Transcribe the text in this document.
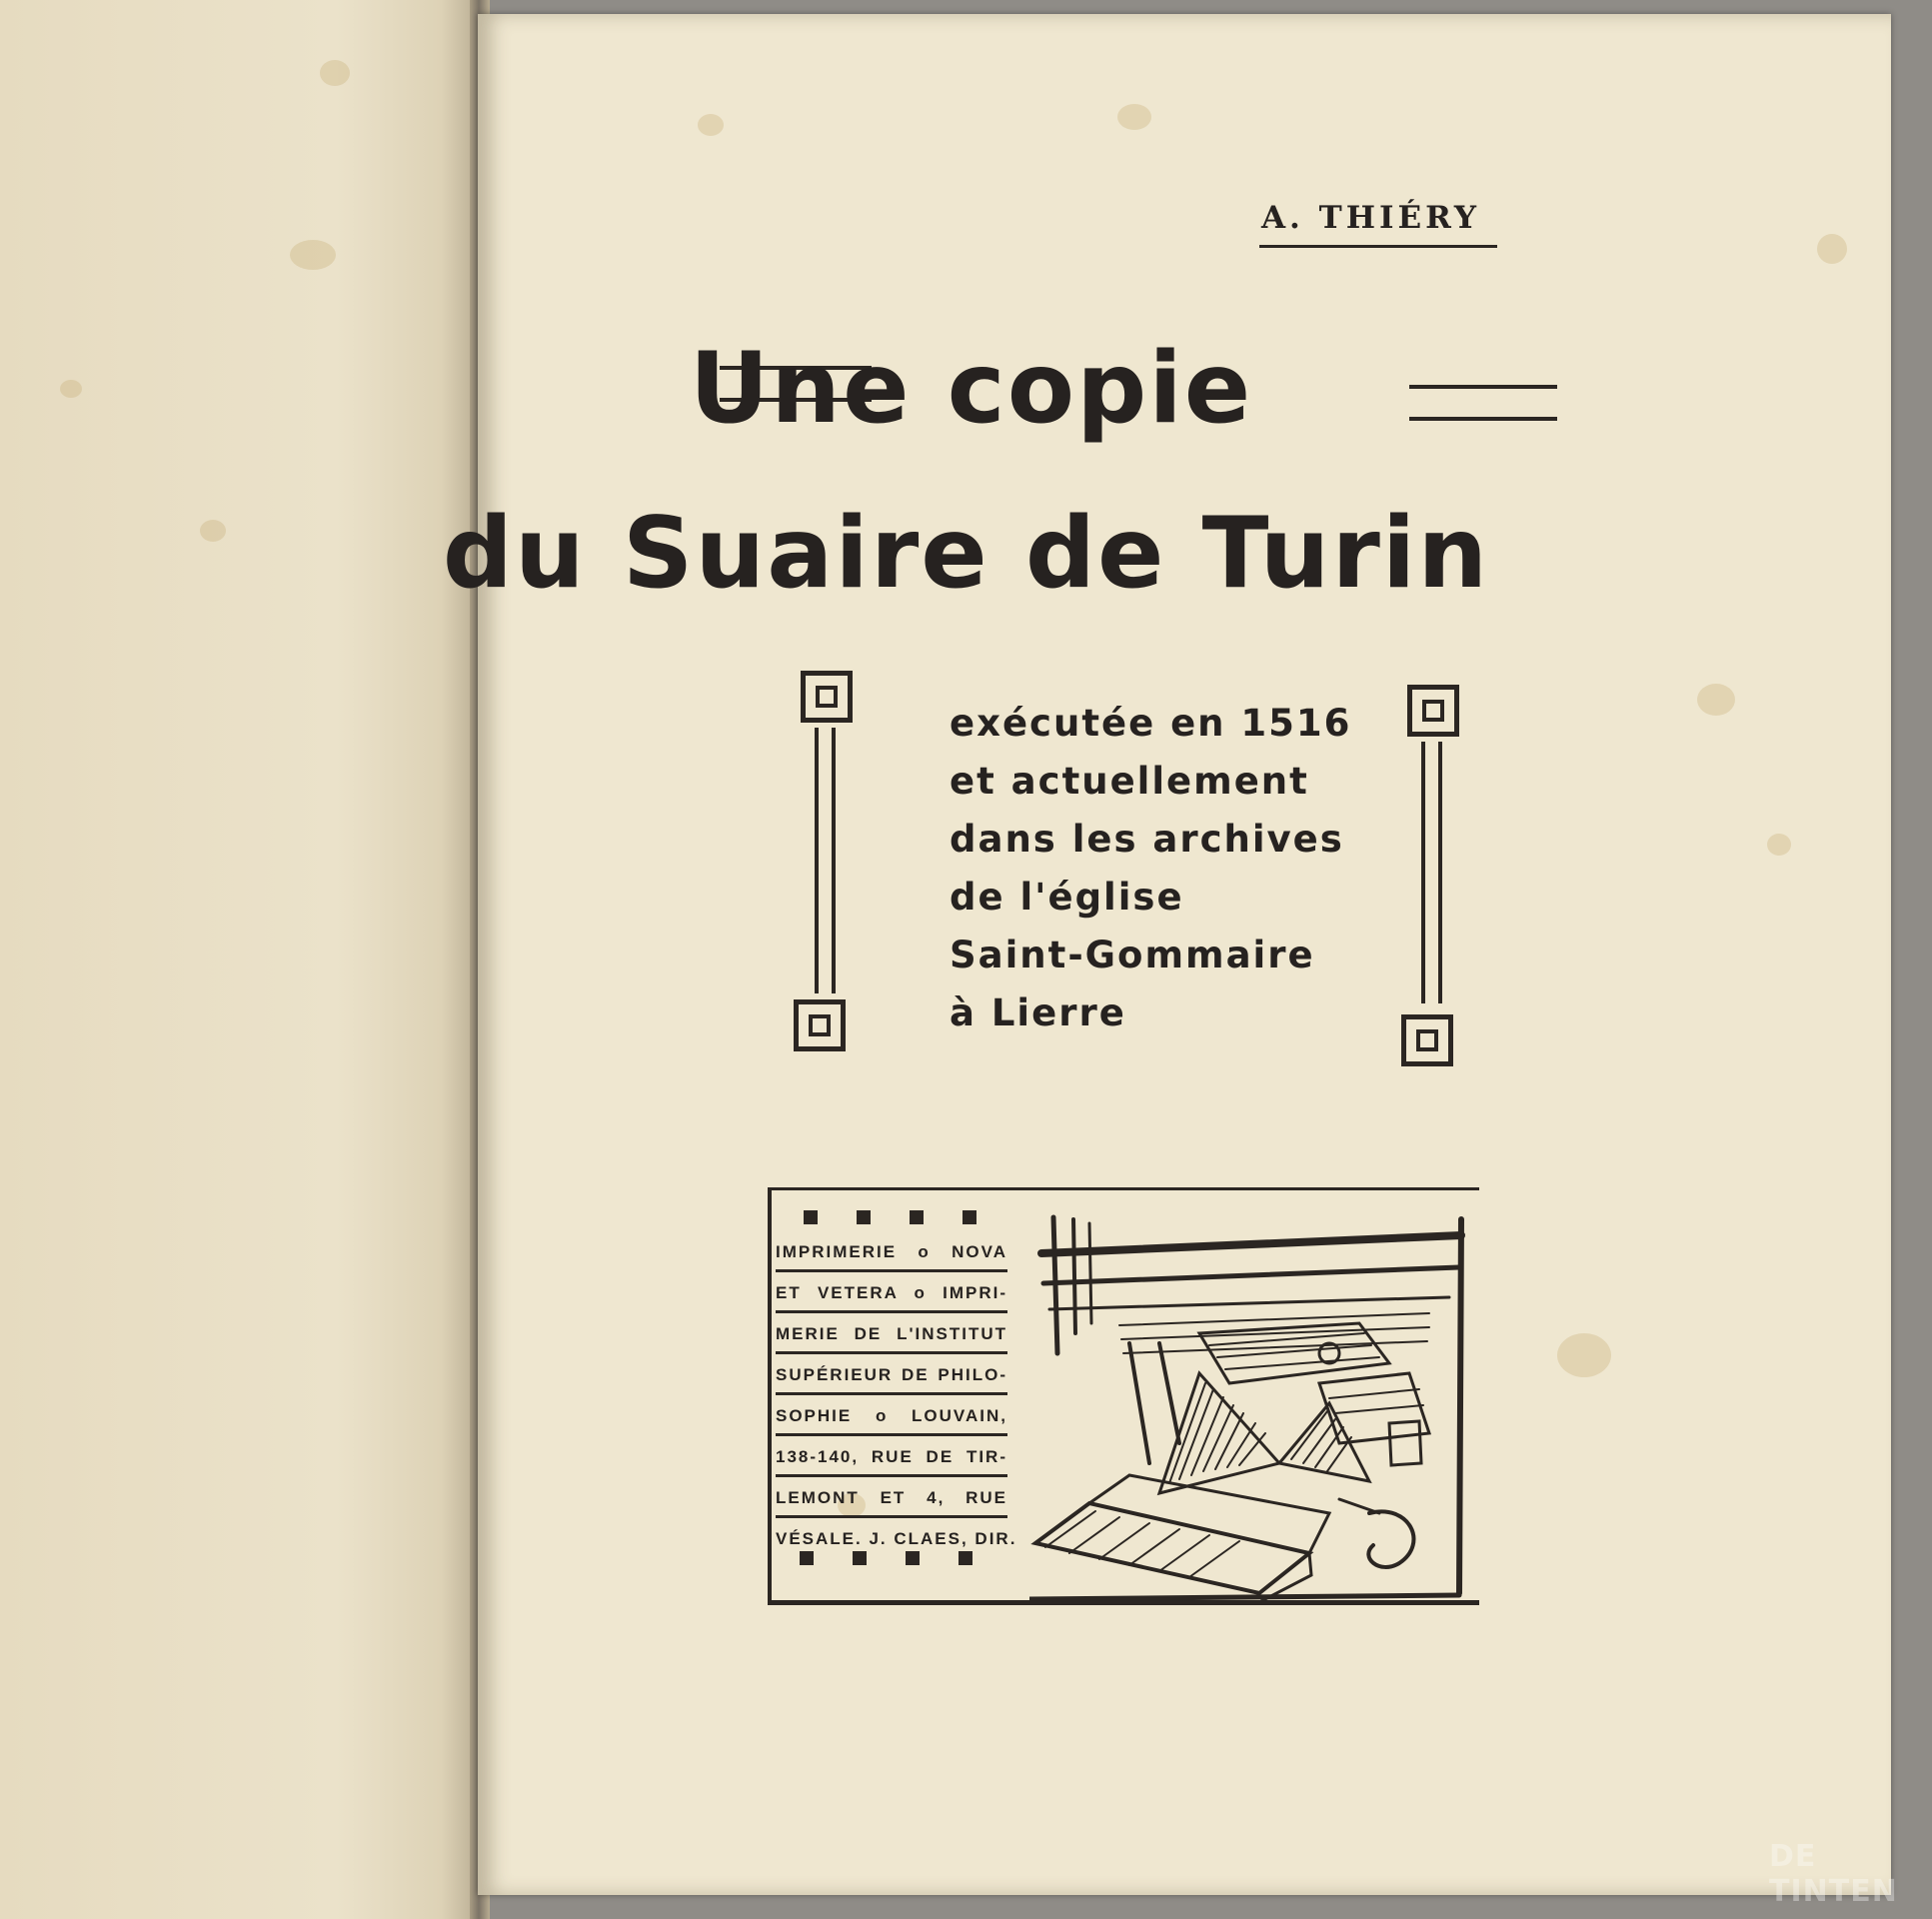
A. THIÉRY
Une copie
du Suaire de Turin
exécutée en 1516
et actuellement
dans les archives
de l'église
Saint-Gommaire
à Lierre
IMPRIMERIE o NOVA
ET VETERA o IMPRI-
MERIE DE L'INSTITUT
SUPÉRIEUR DE PHILO-
SOPHIE o LOUVAIN,
138-140, RUE DE TIR-
LEMONT ET 4, RUE
VÉSALE. J. CLAES, DIR.
DE TINTEN
